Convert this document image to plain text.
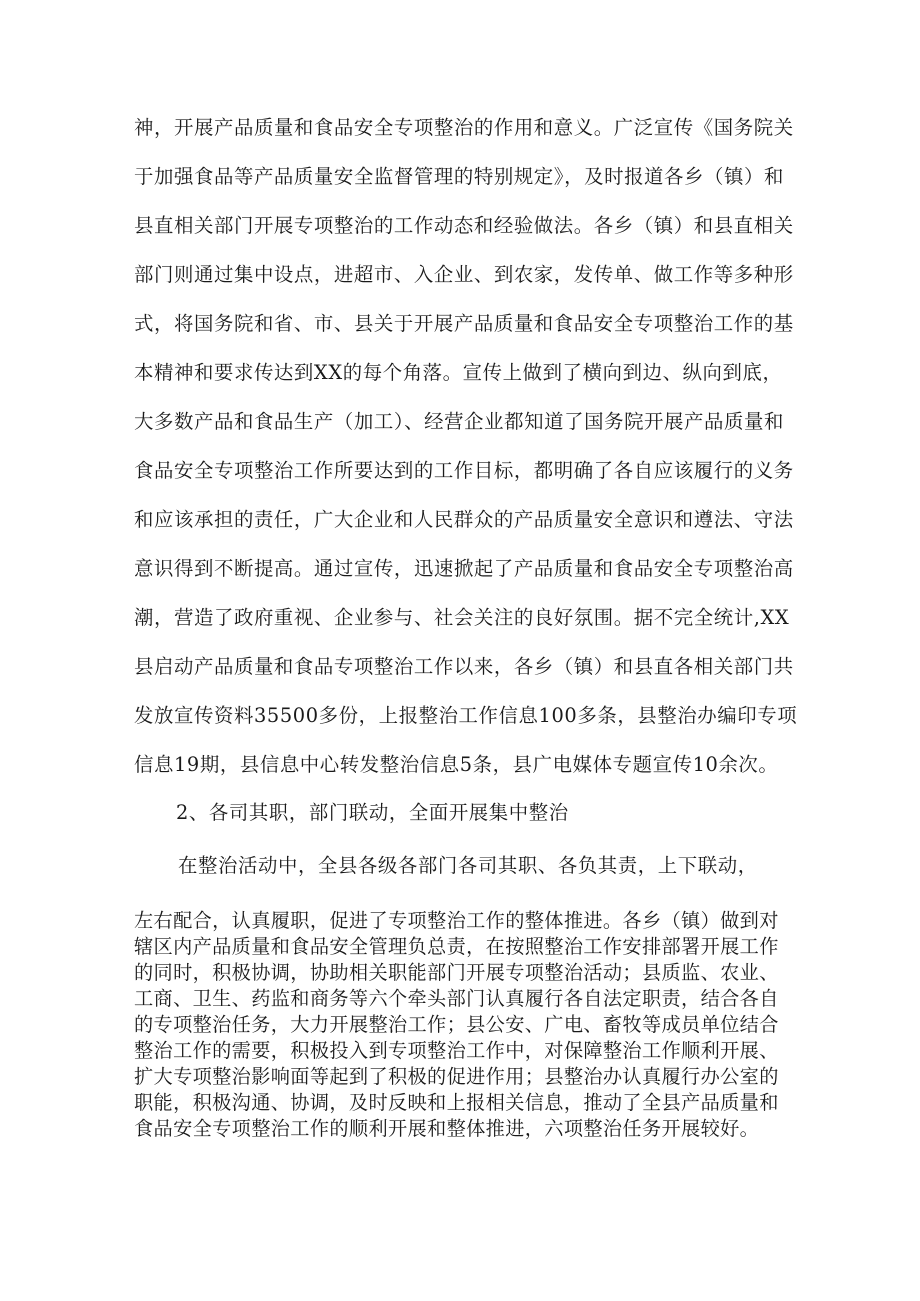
神，开展产品质量和食品安全专项整治的作用和意义。广泛宣传《国务院关
于加强食品等产品质量安全监督管理的特别规定》，及时报道各乡（镇）和
县直相关部门开展专项整治的工作动态和经验做法。各乡（镇）和县直相关
部门则通过集中设点，进超市、入企业、到农家，发传单、做工作等多种形
式，将国务院和省、市、县关于开展产品质量和食品安全专项整治工作的基
本精神和要求传达到XX的每个角落。宣传上做到了横向到边、纵向到底，
大多数产品和食品生产（加工）、经营企业都知道了国务院开展产品质量和
食品安全专项整治工作所要达到的工作目标，都明确了各自应该履行的义务
和应该承担的责任，广大企业和人民群众的产品质量安全意识和遵法、守法
意识得到不断提高。通过宣传，迅速掀起了产品质量和食品安全专项整治高
潮，营造了政府重视、企业参与、社会关注的良好氛围。据不完全统计,XX
县启动产品质量和食品专项整治工作以来，各乡（镇）和县直各相关部门共
发放宣传资料35500多份，上报整治工作信息100多条，县整治办编印专项
信息19期，县信息中心转发整治信息5条，县广电媒体专题宣传10余次。
2、各司其职，部门联动，全面开展集中整治
在整治活动中，全县各级各部门各司其职、各负其责，上下联动，
左右配合，认真履职，促进了专项整治工作的整体推进。各乡（镇）做到对
辖区内产品质量和食品安全管理负总责，在按照整治工作安排部署开展工作
的同时，积极协调，协助相关职能部门开展专项整治活动；县质监、农业、
工商、卫生、药监和商务等六个牵头部门认真履行各自法定职责，结合各自
的专项整治任务，大力开展整治工作；县公安、广电、畜牧等成员单位结合
整治工作的需要，积极投入到专项整治工作中，对保障整治工作顺利开展、
扩大专项整治影响面等起到了积极的促进作用；县整治办认真履行办公室的
职能，积极沟通、协调，及时反映和上报相关信息，推动了全县产品质量和
食品安全专项整治工作的顺利开展和整体推进，六项整治任务开展较好。
